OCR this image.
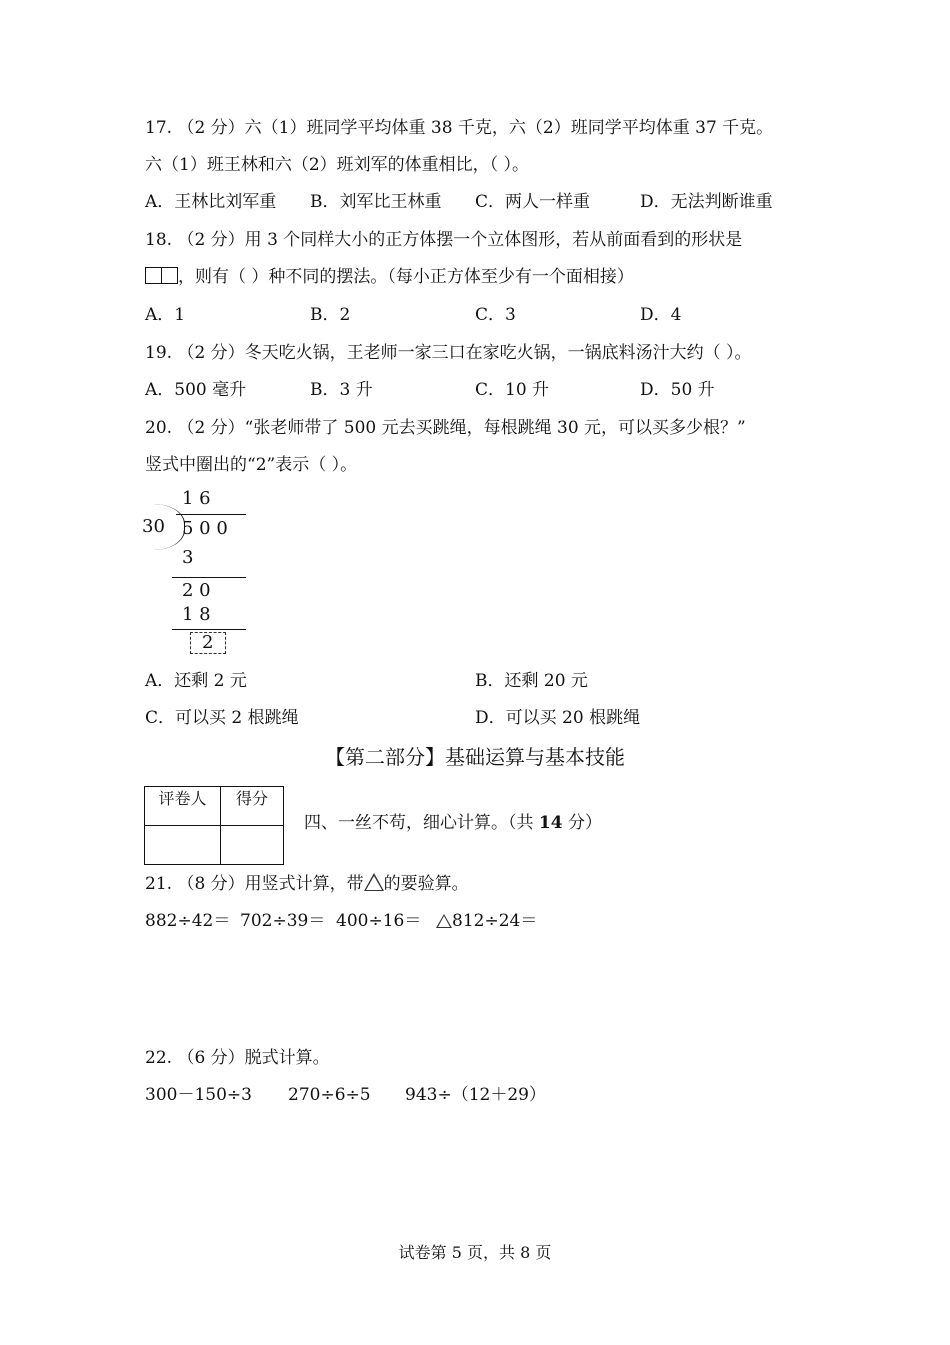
17. （2 分）六（1）班同学平均体重 38 千克，六（2）班同学平均体重 37 千克。
六（1）班王林和六（2）班刘军的体重相比，（ ）。
A．王林比刘军重 B．刘军比王林重 C．两人一样重	D．无法判断谁重
18. （2 分）用 3 个同样大小的正方体摆一个立体图形，若从前面看到的形状是
，则有（ ）种不同的摆法。（每小正方体至少有一个面相接）
A．1	B．2	C．3	D．4
19. （2 分）冬天吃火锅，王老师一家三口在家吃火锅，一锅底料汤汁大约（ ）。
A．500 毫升	B．3 升	C．10 升	D．50 升
20. （2 分）“张老师带了 500 元去买跳绳，每根跳绳 30 元，可以买多少根？”
竖式中圈出的“2”表示（ ）。
1 6
30 5 0 0
3
2 0
1 8
2
A．还剩 2 元	B．还剩 20 元
C．可以买 2 根跳绳	D．可以买 20 根跳绳
【第二部分】基础运算与基本技能
评卷人	得分

四、一丝不苟，细心计算。（共 14 分）
21. （8 分）用竖式计算，带 的要验算。
882÷42＝ 702÷39＝ 400÷16＝	812÷24＝
22. （6 分）脱式计算。
300－150÷3 270÷6÷5 943÷（12＋29）
试卷第 5 页，共 8 页
